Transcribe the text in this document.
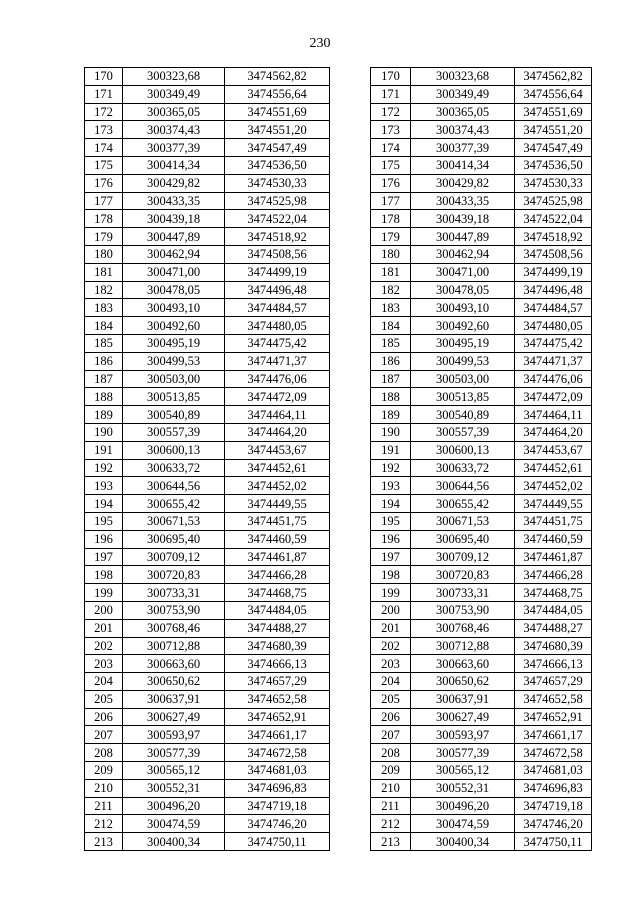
230
170	300323,68	3474562,82
171	300349,49	3474556,64
172	300365,05	3474551,69
173	300374,43	3474551,20
174	300377,39	3474547,49
175	300414,34	3474536,50
176	300429,82	3474530,33
177	300433,35	3474525,98
178	300439,18	3474522,04
179	300447,89	3474518,92
180	300462,94	3474508,56
181	300471,00	3474499,19
182	300478,05	3474496,48
183	300493,10	3474484,57
184	300492,60	3474480,05
185	300495,19	3474475,42
186	300499,53	3474471,37
187	300503,00	3474476,06
188	300513,85	3474472,09
189	300540,89	3474464,11
190	300557,39	3474464,20
191	300600,13	3474453,67
192	300633,72	3474452,61
193	300644,56	3474452,02
194	300655,42	3474449,55
195	300671,53	3474451,75
196	300695,40	3474460,59
197	300709,12	3474461,87
198	300720,83	3474466,28
199	300733,31	3474468,75
200	300753,90	3474484,05
201	300768,46	3474488,27
202	300712,88	3474680,39
203	300663,60	3474666,13
204	300650,62	3474657,29
205	300637,91	3474652,58
206	300627,49	3474652,91
207	300593,97	3474661,17
208	300577,39	3474672,58
209	300565,12	3474681,03
210	300552,31	3474696,83
211	300496,20	3474719,18
212	300474,59	3474746,20
213	300400,34	3474750,11
170	300323,68	3474562,82
171	300349,49	3474556,64
172	300365,05	3474551,69
173	300374,43	3474551,20
174	300377,39	3474547,49
175	300414,34	3474536,50
176	300429,82	3474530,33
177	300433,35	3474525,98
178	300439,18	3474522,04
179	300447,89	3474518,92
180	300462,94	3474508,56
181	300471,00	3474499,19
182	300478,05	3474496,48
183	300493,10	3474484,57
184	300492,60	3474480,05
185	300495,19	3474475,42
186	300499,53	3474471,37
187	300503,00	3474476,06
188	300513,85	3474472,09
189	300540,89	3474464,11
190	300557,39	3474464,20
191	300600,13	3474453,67
192	300633,72	3474452,61
193	300644,56	3474452,02
194	300655,42	3474449,55
195	300671,53	3474451,75
196	300695,40	3474460,59
197	300709,12	3474461,87
198	300720,83	3474466,28
199	300733,31	3474468,75
200	300753,90	3474484,05
201	300768,46	3474488,27
202	300712,88	3474680,39
203	300663,60	3474666,13
204	300650,62	3474657,29
205	300637,91	3474652,58
206	300627,49	3474652,91
207	300593,97	3474661,17
208	300577,39	3474672,58
209	300565,12	3474681,03
210	300552,31	3474696,83
211	300496,20	3474719,18
212	300474,59	3474746,20
213	300400,34	3474750,11
